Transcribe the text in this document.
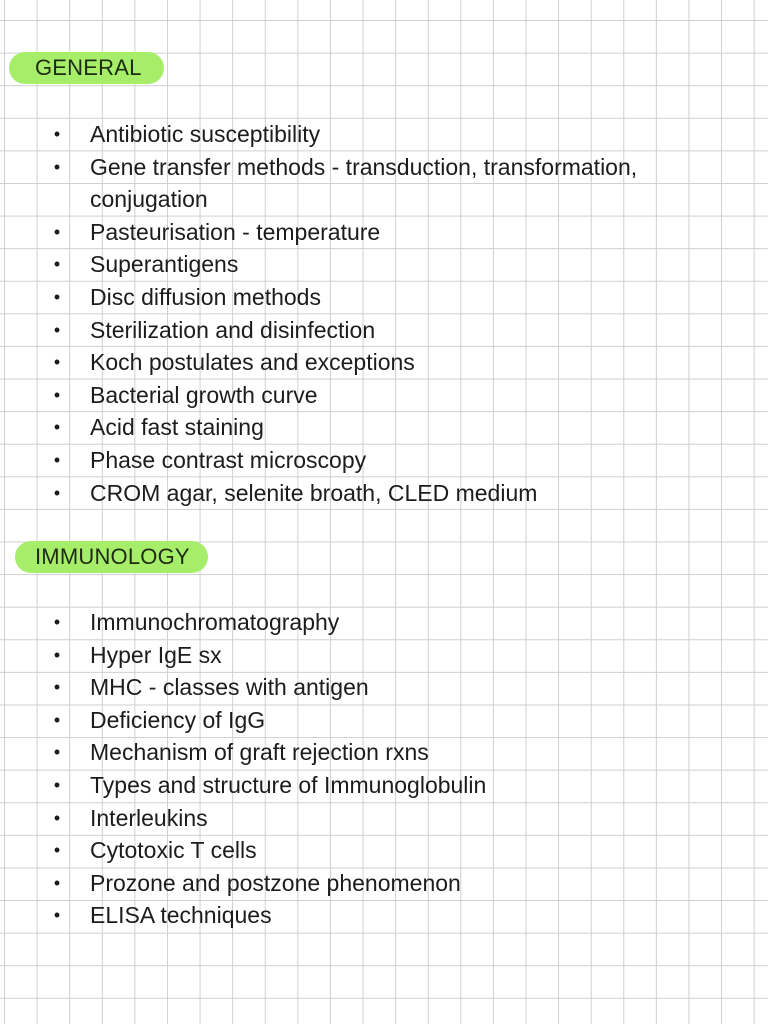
GENERAL
• Antibiotic susceptibility
• Gene transfer methods - transduction, transformation, conjugation
• Pasteurisation - temperature
• Superantigens
• Disc diffusion methods
• Sterilization and disinfection
• Koch postulates and exceptions
• Bacterial growth curve
• Acid fast staining
• Phase contrast microscopy
• CROM agar, selenite broath, CLED medium
IMMUNOLOGY
• Immunochromatography
• Hyper IgE sx
• MHC - classes with antigen
• Deficiency of IgG
• Mechanism of graft rejection rxns
• Types and structure of Immunoglobulin
• Interleukins
• Cytotoxic T cells
• Prozone and postzone phenomenon
• ELISA techniques
